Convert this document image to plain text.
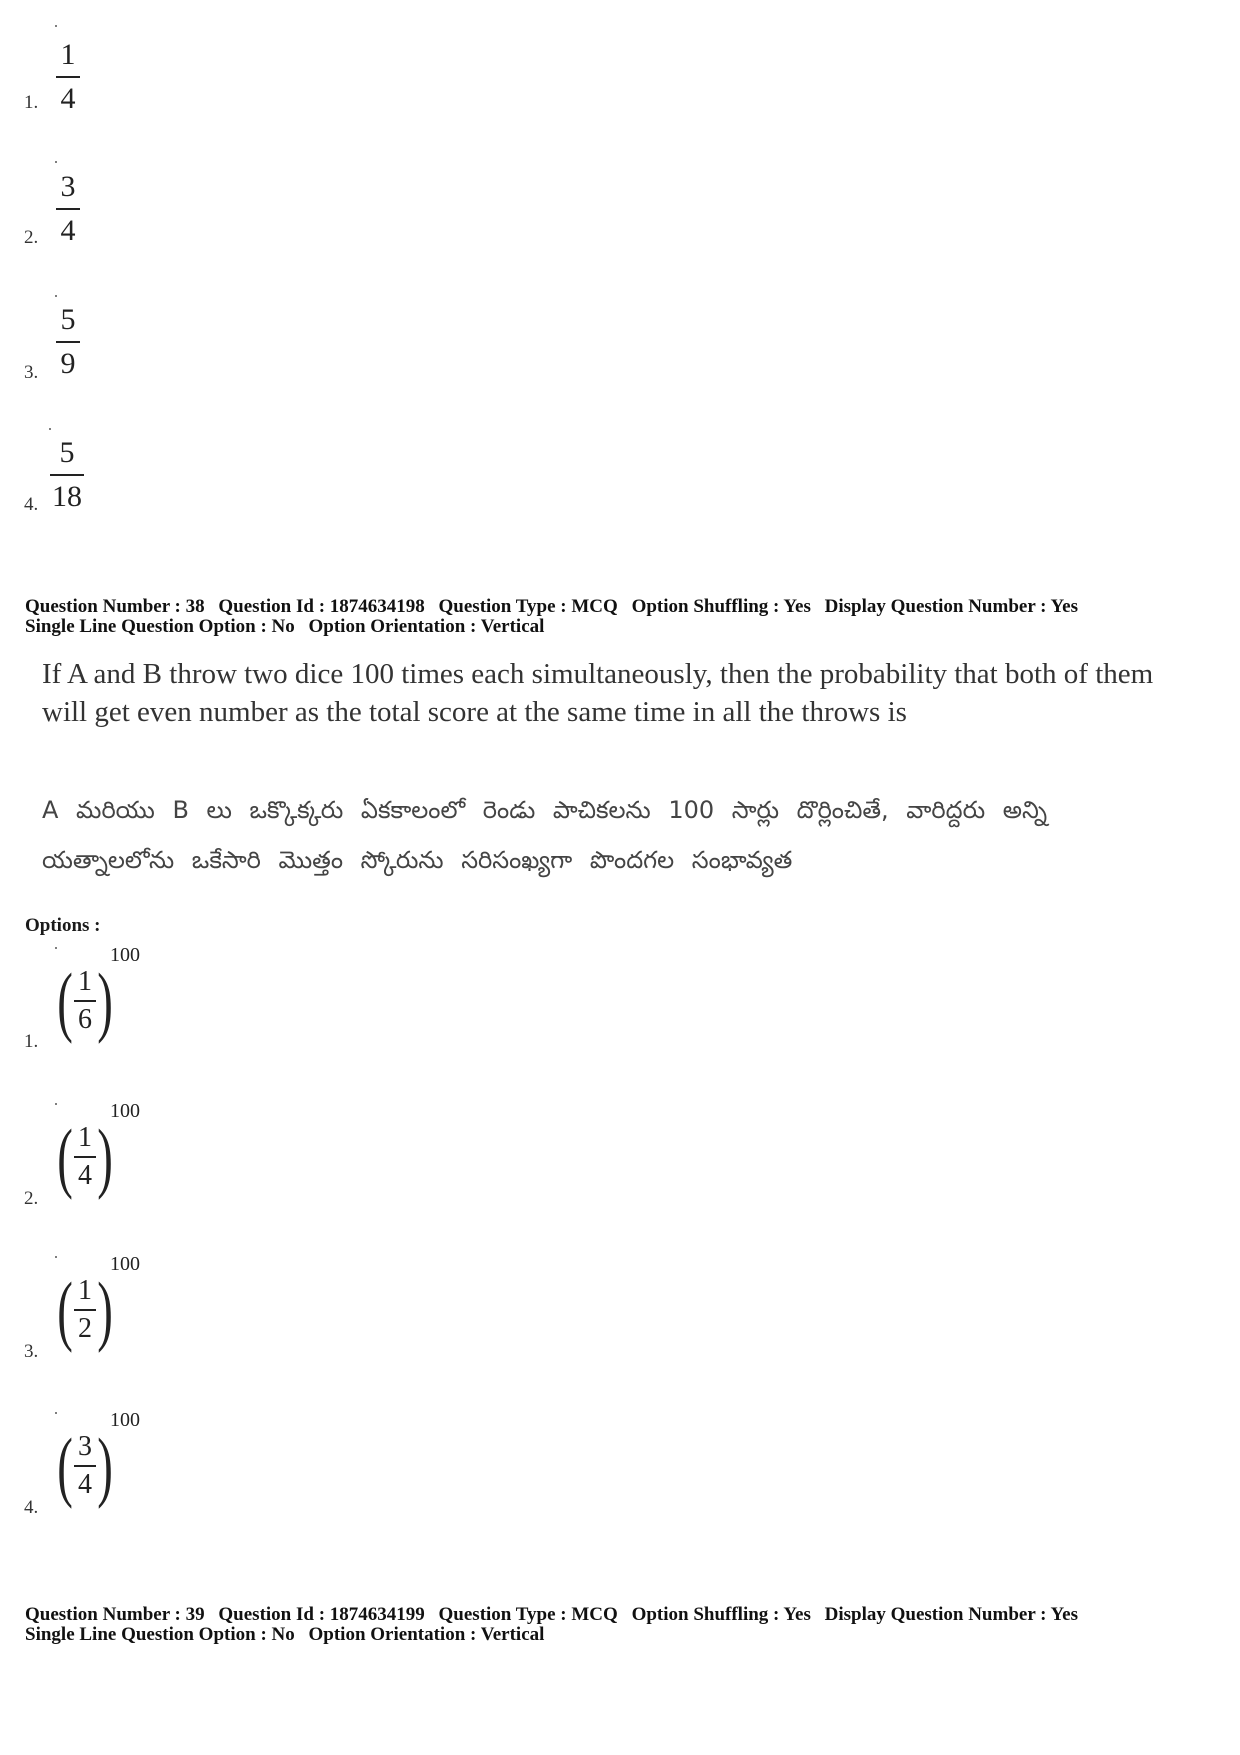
1
4
1.
3
4
2.
5
9
3.
5
18
4.
Question Number : 38 Question Id : 1874634198 Question Type : MCQ Option Shuffling : Yes Display Question Number : Yes
Single Line Question Option : No Option Orientation : Vertical
If A and B throw two dice 100 times each simultaneously, then the probability that both of them will get even number as the total score at the same time in all the throws is
A మరియు B లు ఒక్కొక్కరు ఏకకాలంలో రెండు పాచికలను 100 సార్లు దొర్లించితే, వారిద్దరు అన్ని యత్నాలలోను ఒకేసారి మొత్తం స్కోరును సరిసంఖ్యగా పొందగల సంభావ్యత
Options :
( 1
6 )
100
1.
( 1
4 )
100
2.
( 1
2 )
100
3.
( 3
4 )
100
4.
Question Number : 39 Question Id : 1874634199 Question Type : MCQ Option Shuffling : Yes Display Question Number : Yes
Single Line Question Option : No Option Orientation : Vertical
